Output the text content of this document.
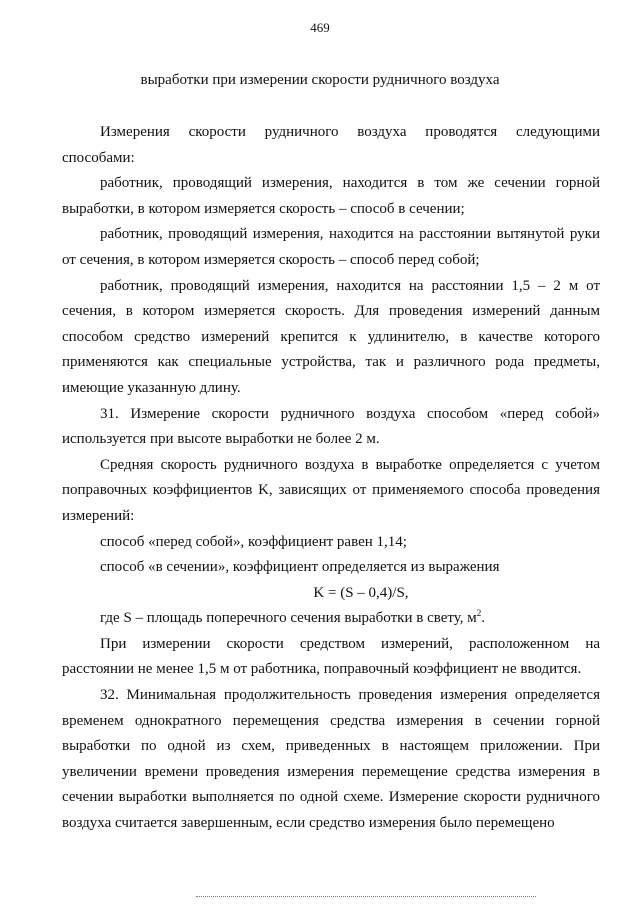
469
выработки при измерении скорости рудничного воздуха

Измерения скорости рудничного воздуха проводятся следующими способами:

работник, проводящий измерения, находится в том же сечении горной выработки, в котором измеряется скорость – способ в сечении;

работник, проводящий измерения, находится на расстоянии вытянутой руки от сечения, в котором измеряется скорость – способ перед собой;

работник, проводящий измерения, находится на расстоянии 1,5 – 2 м от сечения, в котором измеряется скорость. Для проведения измерений данным способом средство измерений крепится к удлинителю, в качестве которого применяются как специальные устройства, так и различного рода предметы, имеющие указанную длину.

31. Измерение скорости рудничного воздуха способом «перед собой» используется при высоте выработки не более 2 м.

Средняя скорость рудничного воздуха в выработке определяется с учетом поправочных коэффициентов K, зависящих от применяемого способа проведения измерений:

способ «перед собой», коэффициент равен 1,14;

способ «в сечении», коэффициент определяется из выражения

K = (S – 0,4)/S,

где S – площадь поперечного сечения выработки в свету, $м^2$.

При измерении скорости средством измерений, расположенном на расстоянии не менее 1,5 м от работника, поправочный коэффициент не вводится.

32. Минимальная продолжительность проведения измерения определяется временем однократного перемещения средства измерения в сечении горной выработки по одной из схем, приведенных в настоящем приложении. При увеличении времени проведения измерения перемещение средства измерения в сечении выработки выполняется по одной схеме. Измерение скорости рудничного воздуха считается завершенным, если средство измерения было перемещено
